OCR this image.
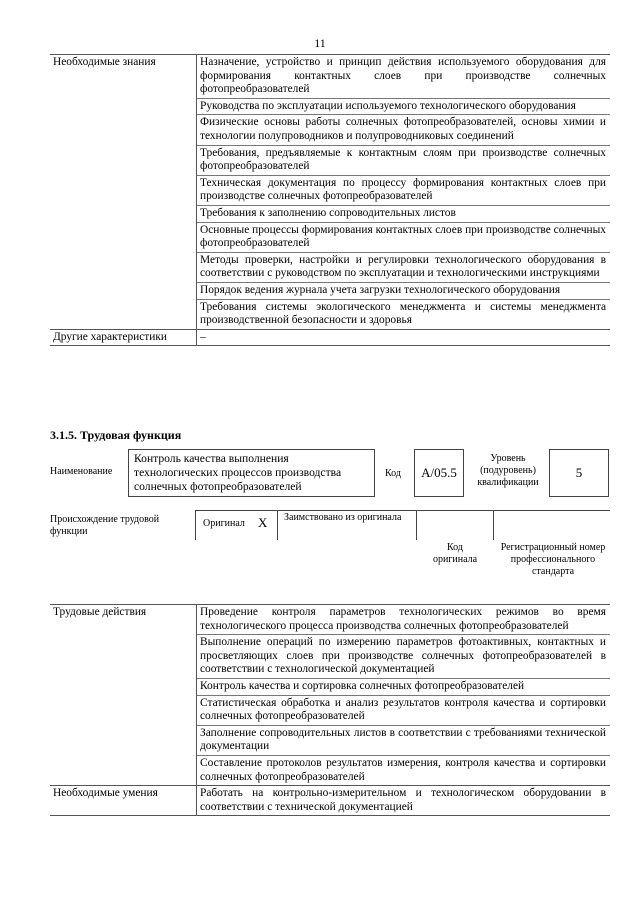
11
Необходимые знания	Назначение, устройство и принцип действия используемого оборудования для формирования контактных слоев при производстве солнечных фотопреобразователей
Руководства по эксплуатации используемого технологического оборудования
Физические основы работы солнечных фотопреобразователей, основы химии и технологии полупроводников и полупроводниковых соединений
Требования, предъявляемые к контактным слоям при производстве солнечных фотопреобразователей
Техническая документация по процессу формирования контактных слоев при производстве солнечных фотопреобразователей
Требования к заполнению сопроводительных листов
Основные процессы формирования контактных слоев при производстве солнечных фотопреобразователей
Методы проверки, настройки и регулировки технологического оборудования в соответствии с руководством по эксплуатации и технологическими инструкциями
Порядок ведения журнала учета загрузки технологического оборудования
Требования системы экологического менеджмента и системы менеджмента производственной безопасности и здоровья
Другие характеристики	–
3.1.5. Трудовая функция
Наименование
Контроль качества выполнения технологических процессов производства солнечных фотопреобразователей
Код A/05.5
Уровень (подуровень) квалификации
5
Происхождение трудовой функции
Оригинал X Заимствовано из оригинала
Код оригинала
Регистрационный номер профессионального стандарта
Трудовые действия	Проведение контроля параметров технологических режимов во время технологического процесса производства солнечных фотопреобразователей
Выполнение операций по измерению параметров фотоактивных, контактных и просветляющих слоев при производстве солнечных фотопреобразователей в соответствии с технологической документацией
Контроль качества и сортировка солнечных фотопреобразователей
Статистическая обработка и анализ результатов контроля качества и сортировки солнечных фотопреобразователей
Заполнение сопроводительных листов в соответствии с требованиями технической документации
Составление протоколов результатов измерения, контроля качества и сортировки солнечных фотопреобразователей
Необходимые умения	Работать на контрольно-измерительном и технологическом оборудовании в соответствии с технической документацией
